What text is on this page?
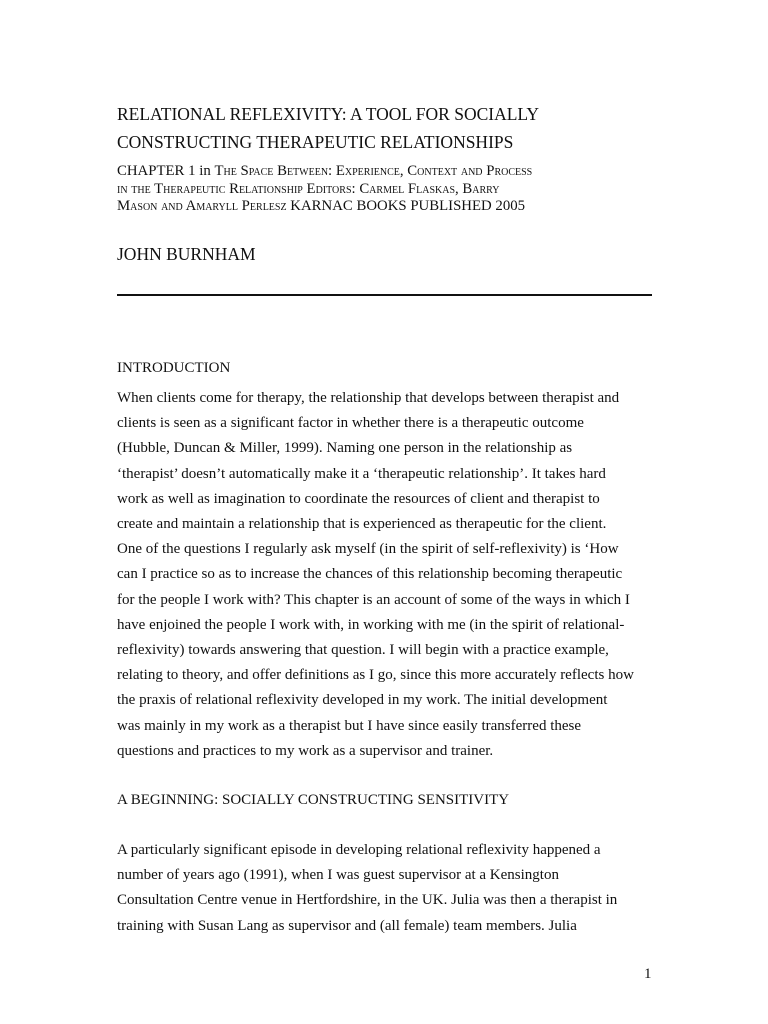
RELATIONAL REFLEXIVITY: A TOOL FOR SOCIALLY
CONSTRUCTING THERAPEUTIC RELATIONSHIPS

CHAPTER 1 in The Space Between: Experience, Context and Process
in the Therapeutic Relationship Editors: Carmel Flaskas, Barry
Mason and Amaryll Perlesz KARNAC BOOKS PUBLISHED 2005

JOHN BURNHAM
INTRODUCTION

When clients come for therapy, the relationship that develops between therapist and
clients is seen as a significant factor in whether there is a therapeutic outcome
(Hubble, Duncan & Miller, 1999). Naming one person in the relationship as
‘therapist’ doesn’t automatically make it a ‘therapeutic relationship’. It takes hard
work as well as imagination to coordinate the resources of client and therapist to
create and maintain a relationship that is experienced as therapeutic for the client.
One of the questions I regularly ask myself (in the spirit of self-reflexivity) is ‘How
can I practice so as to increase the chances of this relationship becoming therapeutic
for the people I work with? This chapter is an account of some of the ways in which I
have enjoined the people I work with, in working with me (in the spirit of relational-
reflexivity) towards answering that question. I will begin with a practice example,
relating to theory, and offer definitions as I go, since this more accurately reflects how
the praxis of relational reflexivity developed in my work. The initial development
was mainly in my work as a therapist but I have since easily transferred these
questions and practices to my work as a supervisor and trainer.

A BEGINNING: SOCIALLY CONSTRUCTING SENSITIVITY

A particularly significant episode in developing relational reflexivity happened a
number of years ago (1991), when I was guest supervisor at a Kensington
Consultation Centre venue in Hertfordshire, in the UK. Julia was then a therapist in
training with Susan Lang as supervisor and (all female) team members. Julia

1
